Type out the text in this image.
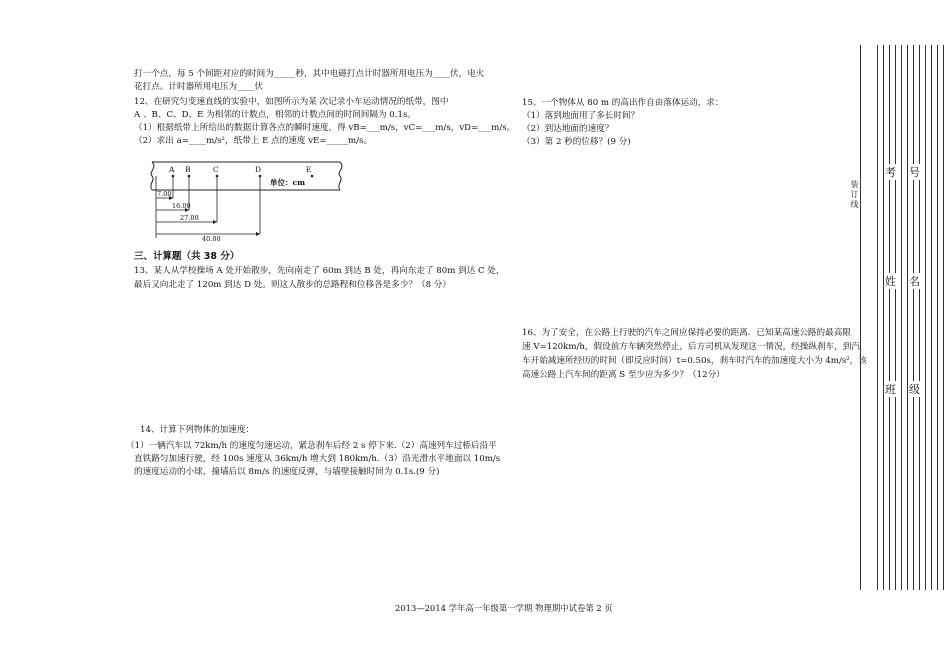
打一个点，每 5 个间距对应的时间为_____秒，其中电磁打点计时器所用电压为____伏，电火
花打点。计时器所用电压为____伏
12、在研究匀变速直线的实验中，如图所示为某 次记录小车运动情况的纸带，图中
A 、B、C、D、E 为相邻的计数点，相邻的计数点间的时间间隔为 0.1s。
（1）根据纸带上所给出的数据计算各点的瞬时速度，得 vB=___m/s，vC=___m/s，vD=___m/s。
（2）求出 a=____m/s²，纸带上 E 点的速度 vE=_____m/s。
A B	C	D	E
单位：cm
7.00
16.00
27.00
40.00
三、计算题（共 38 分）
13、某人从学校操场 A 处开始散步，先向南走了 60m 到达 B 处，再向东走了 80m 到达 C 处，
最后又向北走了 120m 到达 D 处。则这人散步的总路程和位移各是多少？（8 分）
14、计算下列物体的加速度：
（1）一辆汽车以 72km/h 的速度匀速运动，紧急刹车后经 2 s 停下来.（2）高速列车过桥后沿平
直铁路匀加速行驶，经 100s 速度从 36km/h 增大到 180km/h.（3）沿光滑水平地面以 10m/s
的速度运动的小球，撞墙后以 8m/s 的速度反弹，与墙壁接触时间为 0.1s.(9 分)
15、一个物体从 80 m 的高出作自由落体运动，求：
（1）落到地面用了多长时间？
（2）到达地面的速度？
（3）第 2 秒的位移？(9 分)
16、为了安全，在公路上行驶的汽车之间应保持必要的距离．已知某高速公路的最高限
速 V=120km/h，假设前方车辆突然停止，后方司机从发现这一情况，经操纵刹车，到汽
车开始减速所经历的时间（即反应时间）t=0.50s，刹车时汽车的加速度大小为 4m/s²，该
高速公路上汽车间的距离 S 至少应为多少？（12分）
装订线
考 号
姓 名
班 级
2013—2014 学年高一年级第一学期 物理期中试卷第 2 页
